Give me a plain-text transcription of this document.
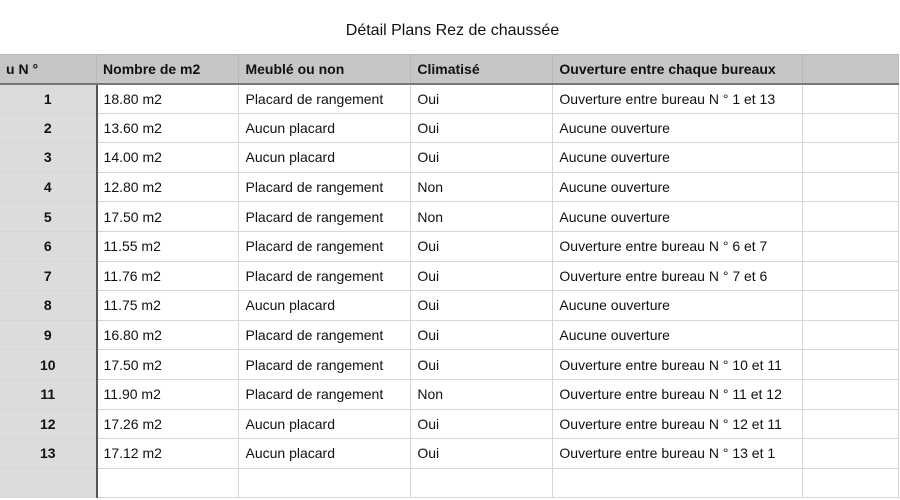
Détail Plans Rez de chaussée
u N °	Nombre de m2	Meublé ou non	Climatisé	Ouverture entre chaque bureaux	
1	18.80 m2	Placard de rangement	Oui	Ouverture entre bureau N ° 1 et 13	
2	13.60 m2	Aucun placard	Oui	Aucune ouverture	
3	14.00 m2	Aucun placard	Oui	Aucune ouverture	
4	12.80 m2	Placard de rangement	Non	Aucune ouverture	
5	17.50 m2	Placard de rangement	Non	Aucune ouverture	
6	11.55 m2	Placard de rangement	Oui	Ouverture entre bureau N ° 6 et 7	
7	11.76 m2	Placard de rangement	Oui	Ouverture entre bureau N ° 7 et 6	
8	11.75 m2	Aucun placard	Oui	Aucune ouverture	
9	16.80 m2	Placard de rangement	Oui	Aucune ouverture	
10	17.50 m2	Placard de rangement	Oui	Ouverture entre bureau N ° 10 et 11	
11	11.90 m2	Placard de rangement	Non	Ouverture entre bureau N ° 11 et 12	
12	17.26 m2	Aucun placard	Oui	Ouverture entre bureau N ° 12 et 11	
13	17.12 m2	Aucun placard	Oui	Ouverture entre bureau N ° 13 et 1	
